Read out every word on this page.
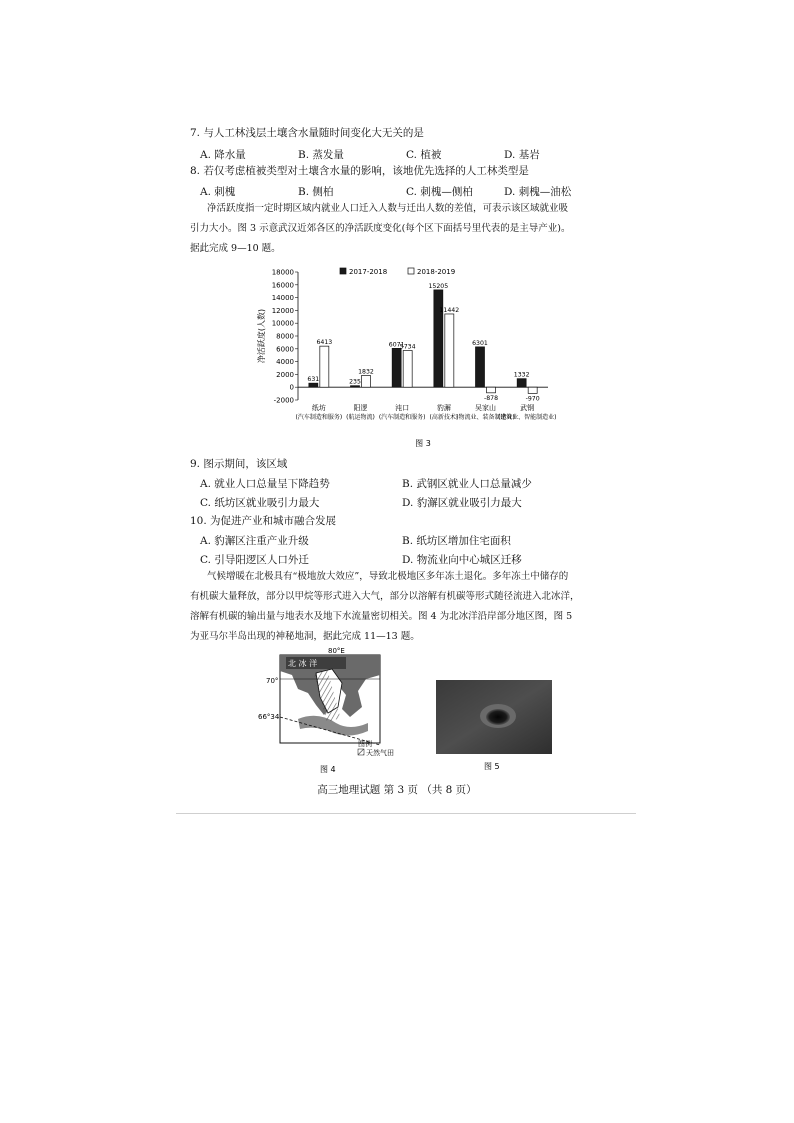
7. 与人工林浅层土壤含水量随时间变化大无关的是
A. 降水量	B. 蒸发量	C. 植被	D. 基岩
8. 若仅考虑植被类型对土壤含水量的影响，该地优先选择的人工林类型是
A. 刺槐	B. 侧柏	C. 刺槐—侧柏	D. 刺槐—油松
净活跃度指一定时期区域内就业人口迁入人数与迁出人数的差值，可表示该区域就业吸
引力大小。图 3 示意武汉近郊各区的净活跃度变化(每个区下面括号里代表的是主导产业)。
据此完成 9—10 题。
-2000
0
2000
4000
6000
8000
10000
12000
14000
16000
18000
净活跃度(人数)
631
6413
纸坊
(汽车制造和服务)
235
1832
阳逻
(航运物流)
6071
5734
沌口
(汽车制造和服务)
15205
11442
豹澥
(高新技术)
6301
-878
吴家山
(物流业、装备制造业)
1332
-970
武钢
(建筑业、智能制造业)
2017-2018	2018-2019
图 3
9. 图示期间，该区域
A. 就业人口总量呈下降趋势	B. 武钢区就业人口总量减少
C. 纸坊区就业吸引力最大	D. 豹澥区就业吸引力最大
10. 为促进产业和城市融合发展
A. 豹澥区注重产业升级	B. 纸坊区增加住宅面积
C. 引导阳逻区人口外迁	D. 物流业向中心城区迁移
气候增暖在北极具有“极地放大效应”，导致北极地区多年冻土退化。多年冻土中储存的
有机碳大量释放，部分以甲烷等形式进入大气，部分以溶解有机碳等形式随径流进入北冰洋，
溶解有机碳的输出量与地表水及地下水流量密切相关。图 4 为北冰洋沿岸部分地区图，图 5
为亚马尔半岛出现的神秘地洞，据此完成 11—13 题。
80°E
北 冰 洋
70°
66°34′
图例
天然气田
图 4	图 5
高三地理试题 第 3 页 （共 8 页）
